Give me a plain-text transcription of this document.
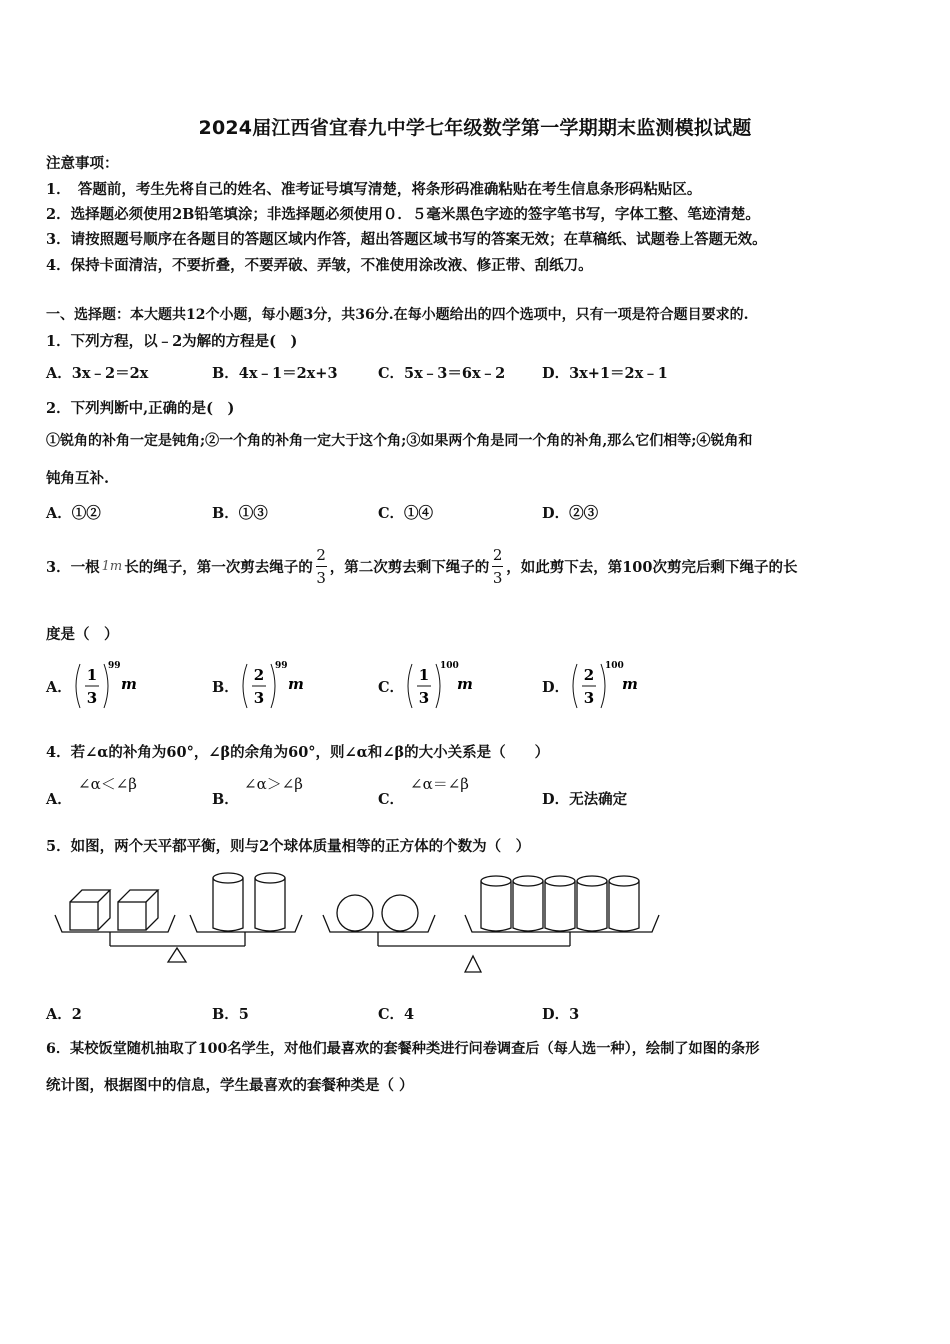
2024届江西省宜春九中学七年级数学第一学期期末监测模拟试题
注意事项：
1．　答题前，考生先将自己的姓名、准考证号填写清楚，将条形码准确粘贴在考生信息条形码粘贴区。
2．选择题必须使用2B铅笔填涂；非选择题必须使用０．５毫米黑色字迹的签字笔书写，字体工整、笔迹清楚。
3．请按照题号顺序在各题目的答题区域内作答，超出答题区域书写的答案无效；在草稿纸、试题卷上答题无效。
4．保持卡面清洁，不要折叠，不要弄破、弄皱，不准使用涂改液、修正带、刮纸刀。
一、选择题：本大题共12个小题，每小题3分，共36分.在每小题给出的四个选项中，只有一项是符合题目要求的.
1．下列方程，以﹣2为解的方程是(　)
A．3x﹣2＝2x	B．4x﹣1＝2x+3	C．5x﹣3＝6x﹣2	D．3x+1＝2x﹣1
2．下列判断中,正确的是(　)
①锐角的补角一定是钝角;②一个角的补角一定大于这个角;③如果两个角是同一个角的补角,那么它们相等;④锐角和
钝角互补.
A．①②	B．①③	C．①④	D．②③
3．一根 1m 长的绳子，第一次剪去绳子的 $\frac{2}{3}$ ，第二次剪去剩下绳子的 $\frac{2}{3}$ ，如此剪下去，第100次剪完后剩下绳子的长
度是（　）
A．
1
3
99
m	B．
2
3
99
m	C．
1
3
100
m	D．
2
3
100
m
4．若∠α的补角为60°，∠β的余角为60°，则∠α和∠β的大小关系是（　　）
A．
∠α＜∠β
B．
∠α＞∠β
C．
∠α＝∠β
D．无法确定
5．如图，两个天平都平衡，则与2个球体质量相等的正方体的个数为（　）
A．2	B．5	C．4	D．3
6．某校饭堂随机抽取了100名学生，对他们最喜欢的套餐种类进行问卷调查后（每人选一种），绘制了如图的条形
统计图，根据图中的信息，学生最喜欢的套餐种类是（ ）
